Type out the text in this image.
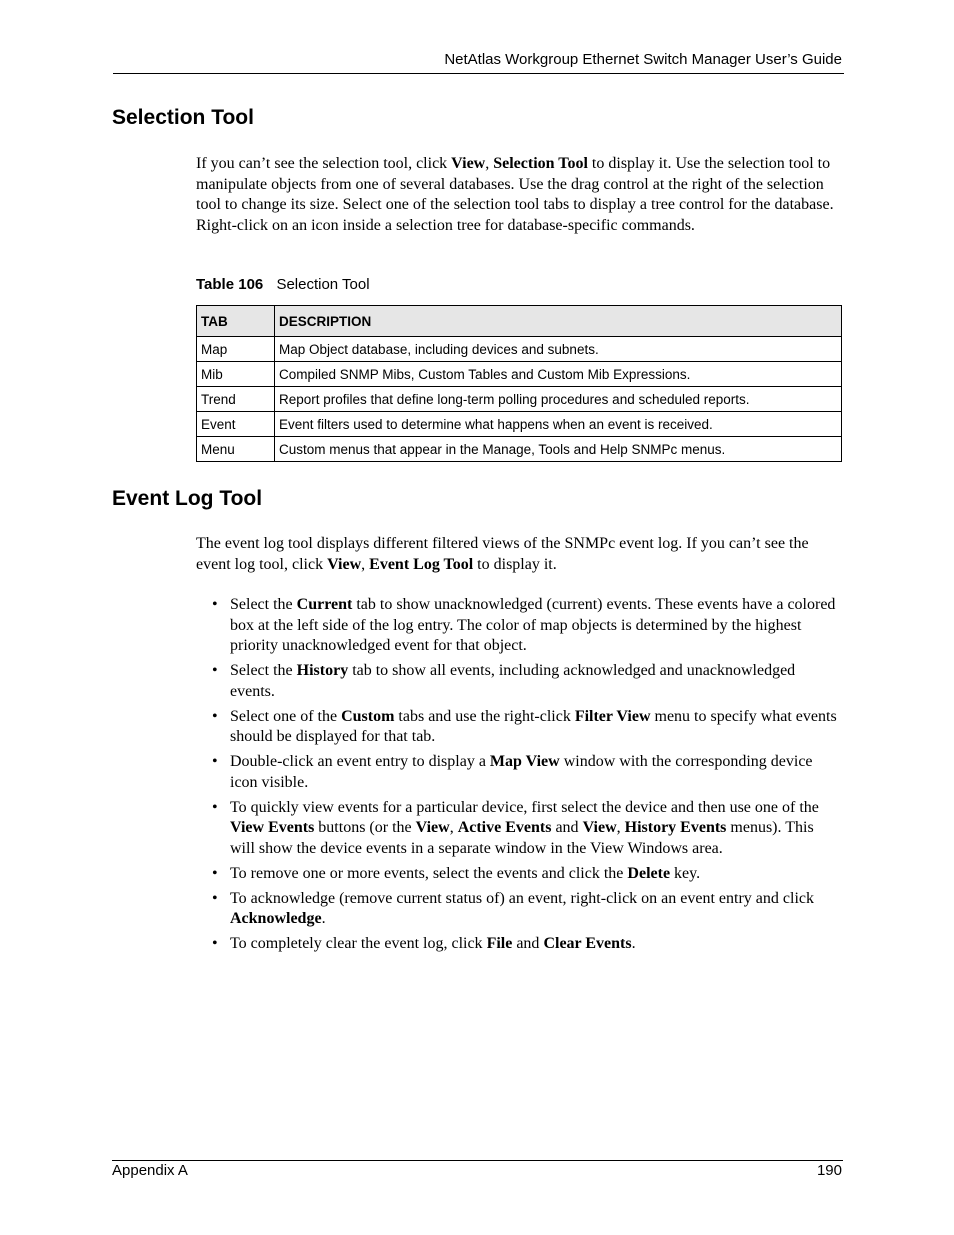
NetAtlas Workgroup Ethernet Switch Manager User’s Guide
Selection Tool

If you can’t see the selection tool, click View, Selection Tool to display it. Use the selection tool to manipulate objects from one of several databases. Use the drag control at the right of the selection tool to change its size. Select one of the selection tool tabs to display a tree control for the database. Right-click on an icon inside a selection tree for database-specific commands.

Table 106 Selection Tool
TAB	DESCRIPTION
Map	Map Object database, including devices and subnets.
Mib	Compiled SNMP Mibs, Custom Tables and Custom Mib Expressions.
Trend	Report profiles that define long-term polling procedures and scheduled reports.
Event	Event filters used to determine what happens when an event is received.
Menu	Custom menus that appear in the Manage, Tools and Help SNMPc menus.
Event Log Tool

The event log tool displays different filtered views of the SNMPc event log. If you can’t see the event log tool, click View, Event Log Tool to display it.

• Select the Current tab to show unacknowledged (current) events. These events have a colored box at the left side of the log entry. The color of map objects is determined by the highest priority unacknowledged event for that object.
• Select the History tab to show all events, including acknowledged and unacknowledged events.
• Select one of the Custom tabs and use the right-click Filter View menu to specify what events should be displayed for that tab.
• Double-click an event entry to display a Map View window with the corresponding device icon visible.
• To quickly view events for a particular device, first select the device and then use one of the View Events buttons (or the View, Active Events and View, History Events menus). This will show the device events in a separate window in the View Windows area.
• To remove one or more events, select the events and click the Delete key.
• To acknowledge (remove current status of) an event, right-click on an event entry and click Acknowledge.
• To completely clear the event log, click File and Clear Events.
Appendix A	190
